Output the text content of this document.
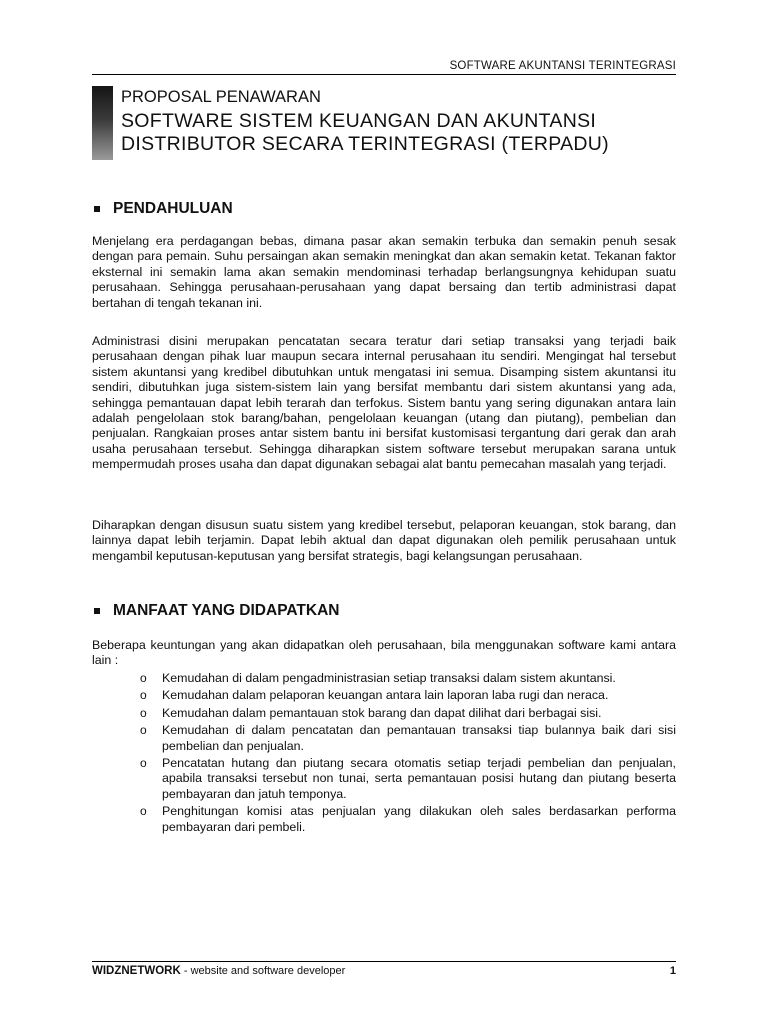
SOFTWARE AKUNTANSI TERINTEGRASI

PROPOSAL PENAWARAN

SOFTWARE SISTEM KEUANGAN DAN AKUNTANSI

DISTRIBUTOR SECARA TERINTEGRASI (TERPADU)

PENDAHULUAN

Menjelang era perdagangan bebas, dimana pasar akan semakin terbuka dan semakin penuh sesak dengan para pemain. Suhu persaingan akan semakin meningkat dan akan semakin ketat. Tekanan faktor eksternal ini semakin lama akan semakin mendominasi terhadap berlangsungnya kehidupan suatu perusahaan. Sehingga perusahaan-perusahaan yang dapat bersaing dan tertib administrasi dapat bertahan di tengah tekanan ini.

Administrasi disini merupakan pencatatan secara teratur dari setiap transaksi yang terjadi baik perusahaan dengan pihak luar maupun secara internal perusahaan itu sendiri. Mengingat hal tersebut sistem akuntansi yang kredibel dibutuhkan untuk mengatasi ini semua. Disamping sistem akuntansi itu sendiri, dibutuhkan juga sistem-sistem lain yang bersifat membantu dari sistem akuntansi yang ada, sehingga pemantauan dapat lebih terarah dan terfokus. Sistem bantu yang sering digunakan antara lain adalah pengelolaan stok barang/bahan, pengelolaan keuangan (utang dan piutang), pembelian dan penjualan. Rangkaian proses antar sistem bantu ini bersifat kustomisasi tergantung dari gerak dan arah usaha perusahaan tersebut. Sehingga diharapkan sistem software tersebut merupakan sarana untuk mempermudah proses usaha dan dapat digunakan sebagai alat bantu pemecahan masalah yang terjadi.

Diharapkan dengan disusun suatu sistem yang kredibel tersebut, pelaporan keuangan, stok barang, dan lainnya dapat lebih terjamin. Dapat lebih aktual dan dapat digunakan oleh pemilik perusahaan untuk mengambil keputusan-keputusan yang bersifat strategis, bagi kelangsungan perusahaan.

MANFAAT YANG DIDAPATKAN

Beberapa keuntungan yang akan didapatkan oleh perusahaan, bila menggunakan software kami antara lain :

o Kemudahan di dalam pengadministrasian setiap transaksi dalam sistem akuntansi.
o Kemudahan dalam pelaporan keuangan antara lain laporan laba rugi dan neraca.
o Kemudahan dalam pemantauan stok barang dan dapat dilihat dari berbagai sisi.
o Kemudahan di dalam pencatatan dan pemantauan transaksi tiap bulannya baik dari sisi pembelian dan penjualan.
o Pencatatan hutang dan piutang secara otomatis setiap terjadi pembelian dan penjualan, apabila transaksi tersebut non tunai, serta pemantauan posisi hutang dan piutang beserta pembayaran dan jatuh temponya.
o Penghitungan komisi atas penjualan yang dilakukan oleh sales berdasarkan performa pembayaran dari pembeli.
WIDZNETWORK - website and software developer	1
